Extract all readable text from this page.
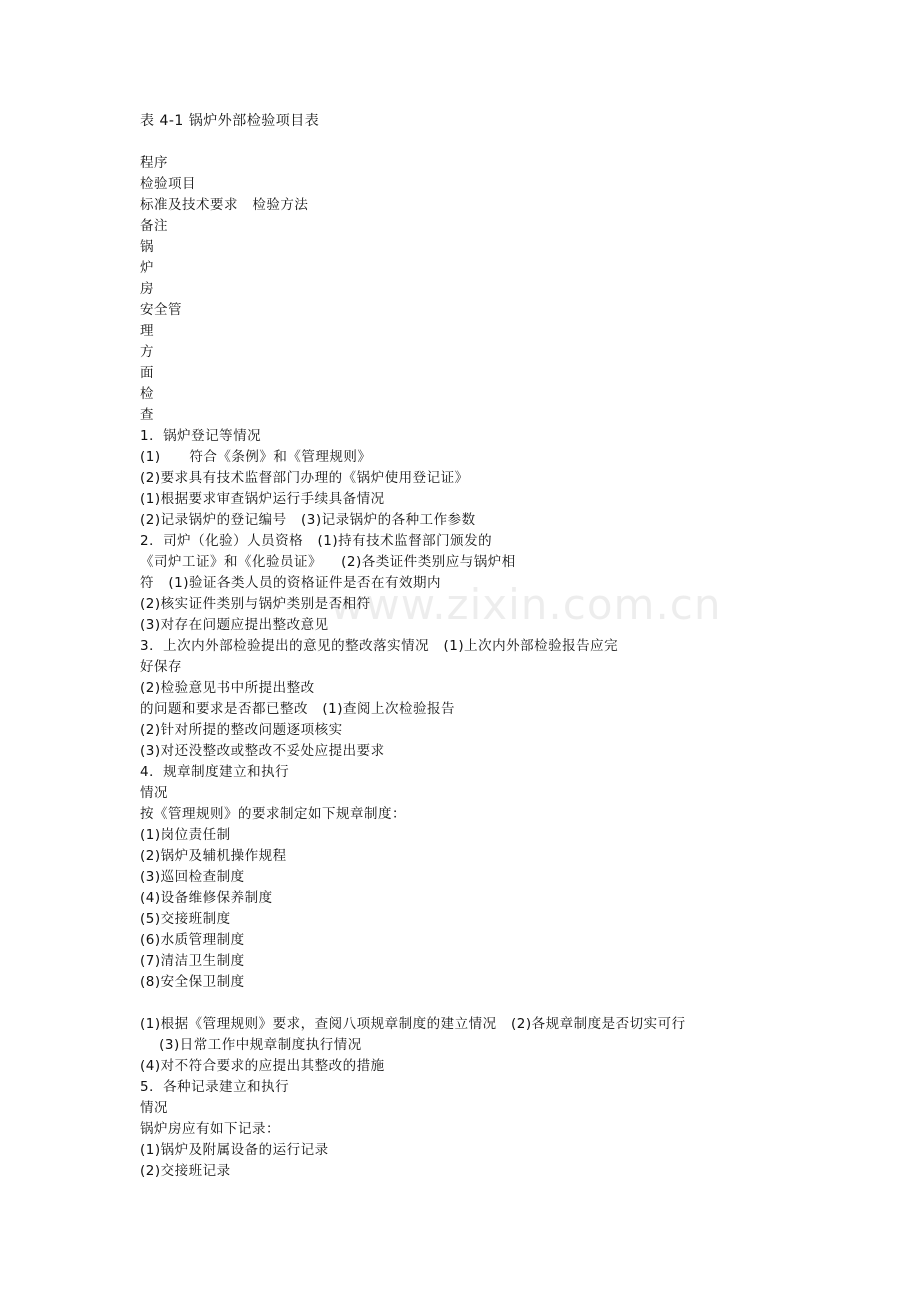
www.zixin.com.cn
表 4-1 锅炉外部检验项目表
程序
检验项目
标准及技术要求   检验方法
备注
锅
炉
房
安全管
理
方
面
检
查
1．锅炉登记等情况
(1)      符合《条例》和《管理规则》
(2)要求具有技术监督部门办理的《锅炉使用登记证》
(1)根据要求审查锅炉运行手续具备情况
(2)记录锅炉的登记编号   (3)记录锅炉的各种工作参数
2．司炉（化验）人员资格   (1)持有技术监督部门颁发的
《司炉工证》和《化验员证》    (2)各类证件类别应与锅炉相
符   (1)验证各类人员的资格证件是否在有效期内
(2)核实证件类别与锅炉类别是否相符
(3)对存在问题应提出整改意见
3．上次内外部检验提出的意见的整改落实情况   (1)上次内外部检验报告应完
好保存
(2)检验意见书中所提出整改
的问题和要求是否都已整改   (1)查阅上次检验报告
(2)针对所提的整改问题逐项核实
(3)对还没整改或整改不妥处应提出要求
4．规章制度建立和执行
情况
按《管理规则》的要求制定如下规章制度：
(1)岗位责任制
(2)锅炉及辅机操作规程
(3)巡回检查制度
(4)设备维修保养制度
(5)交接班制度
(6)水质管理制度
(7)清洁卫生制度
(8)安全保卫制度
(1)根据《管理规则》要求，查阅八项规章制度的建立情况   (2)各规章制度是否切实可行
(3)日常工作中规章制度执行情况
(4)对不符合要求的应提出其整改的措施
5．各种记录建立和执行
情况
锅炉房应有如下记录：
(1)锅炉及附属设备的运行记录
(2)交接班记录
